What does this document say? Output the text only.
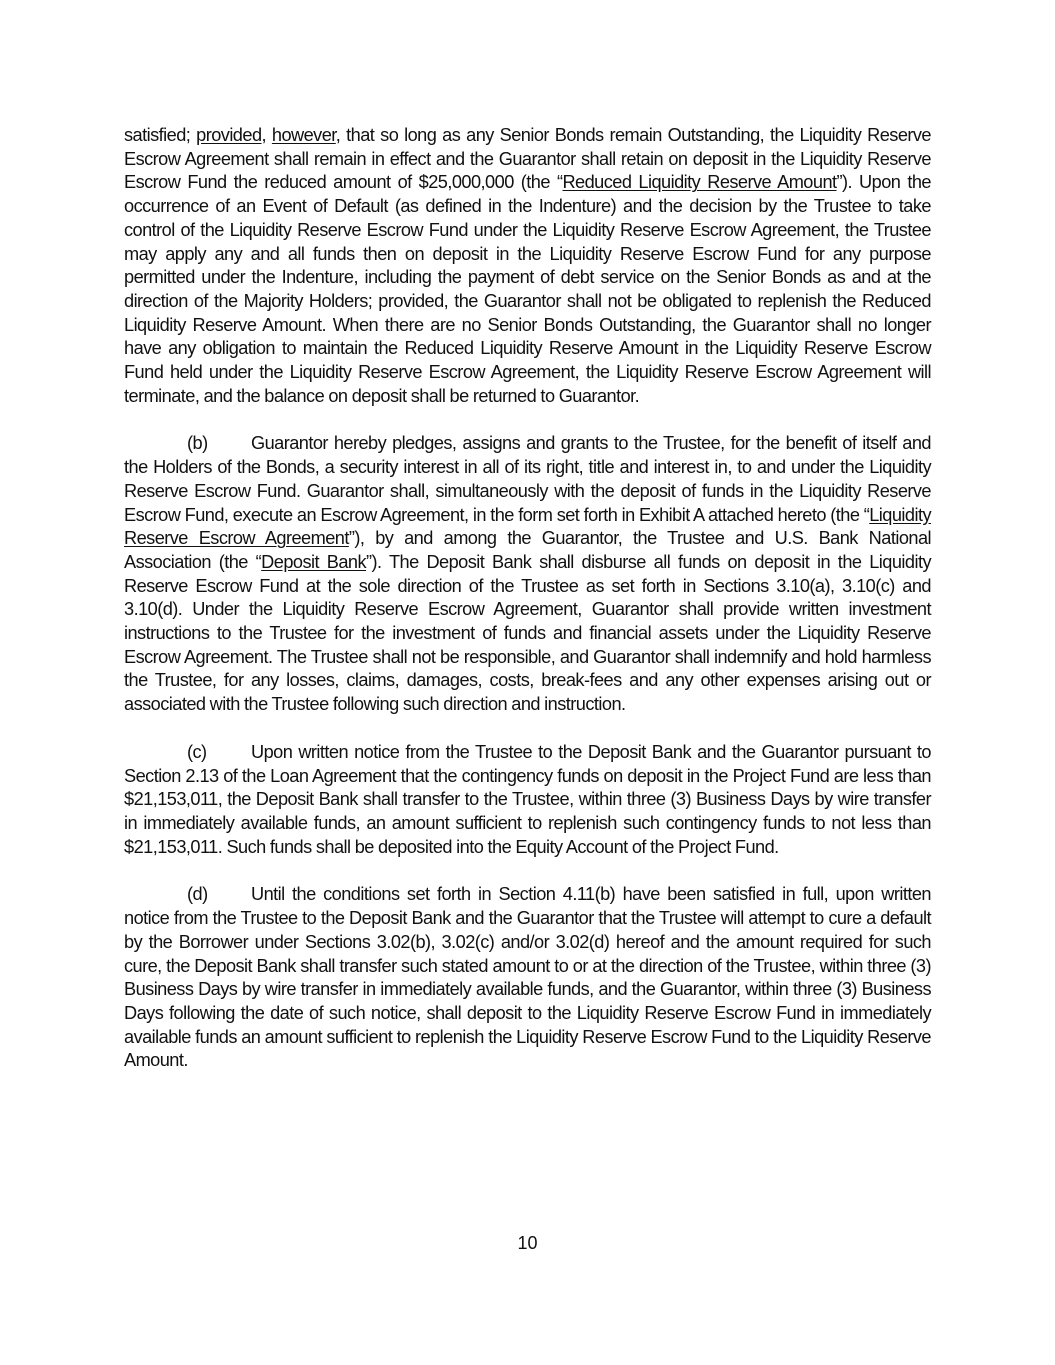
satisfied; provided, however, that so long as any Senior Bonds remain Outstanding, the Liquidity Reserve Escrow Agreement shall remain in effect and the Guarantor shall retain on deposit in the Liquidity Reserve Escrow Fund the reduced amount of $25,000,000 (the “Reduced Liquidity Reserve Amount”). Upon the occurrence of an Event of Default (as defined in the Indenture) and the decision by the Trustee to take control of the Liquidity Reserve Escrow Fund under the Liquidity Reserve Escrow Agreement, the Trustee may apply any and all funds then on deposit in the Liquidity Reserve Escrow Fund for any purpose permitted under the Indenture, including the payment of debt service on the Senior Bonds as and at the direction of the Majority Holders; provided, the Guarantor shall not be obligated to replenish the Reduced Liquidity Reserve Amount. When there are no Senior Bonds Outstanding, the Guarantor shall no longer have any obligation to maintain the Reduced Liquidity Reserve Amount in the Liquidity Reserve Escrow Fund held under the Liquidity Reserve Escrow Agreement, the Liquidity Reserve Escrow Agreement will terminate, and the balance on deposit shall be returned to Guarantor.

(b) Guarantor hereby pledges, assigns and grants to the Trustee, for the benefit of itself and the Holders of the Bonds, a security interest in all of its right, title and interest in, to and under the Liquidity Reserve Escrow Fund. Guarantor shall, simultaneously with the deposit of funds in the Liquidity Reserve Escrow Fund, execute an Escrow Agreement, in the form set forth in Exhibit A attached hereto (the “Liquidity Reserve Escrow Agreement”), by and among the Guarantor, the Trustee and U.S. Bank National Association (the “Deposit Bank”). The Deposit Bank shall disburse all funds on deposit in the Liquidity Reserve Escrow Fund at the sole direction of the Trustee as set forth in Sections 3.10(a), 3.10(c) and 3.10(d). Under the Liquidity Reserve Escrow Agreement, Guarantor shall provide written investment instructions to the Trustee for the investment of funds and financial assets under the Liquidity Reserve Escrow Agreement. The Trustee shall not be responsible, and Guarantor shall indemnify and hold harmless the Trustee, for any losses, claims, damages, costs, break-fees and any other expenses arising out or associated with the Trustee following such direction and instruction.

(c) Upon written notice from the Trustee to the Deposit Bank and the Guarantor pursuant to Section 2.13 of the Loan Agreement that the contingency funds on deposit in the Project Fund are less than $21,153,011, the Deposit Bank shall transfer to the Trustee, within three (3) Business Days by wire transfer in immediately available funds, an amount sufficient to replenish such contingency funds to not less than $21,153,011. Such funds shall be deposited into the Equity Account of the Project Fund.

(d) Until the conditions set forth in Section 4.11(b) have been satisfied in full, upon written notice from the Trustee to the Deposit Bank and the Guarantor that the Trustee will attempt to cure a default by the Borrower under Sections 3.02(b), 3.02(c) and/or 3.02(d) hereof and the amount required for such cure, the Deposit Bank shall transfer such stated amount to or at the direction of the Trustee, within three (3) Business Days by wire transfer in immediately available funds, and the Guarantor, within three (3) Business Days following the date of such notice, shall deposit to the Liquidity Reserve Escrow Fund in immediately available funds an amount sufficient to replenish the Liquidity Reserve Escrow Fund to the Liquidity Reserve Amount.

10
